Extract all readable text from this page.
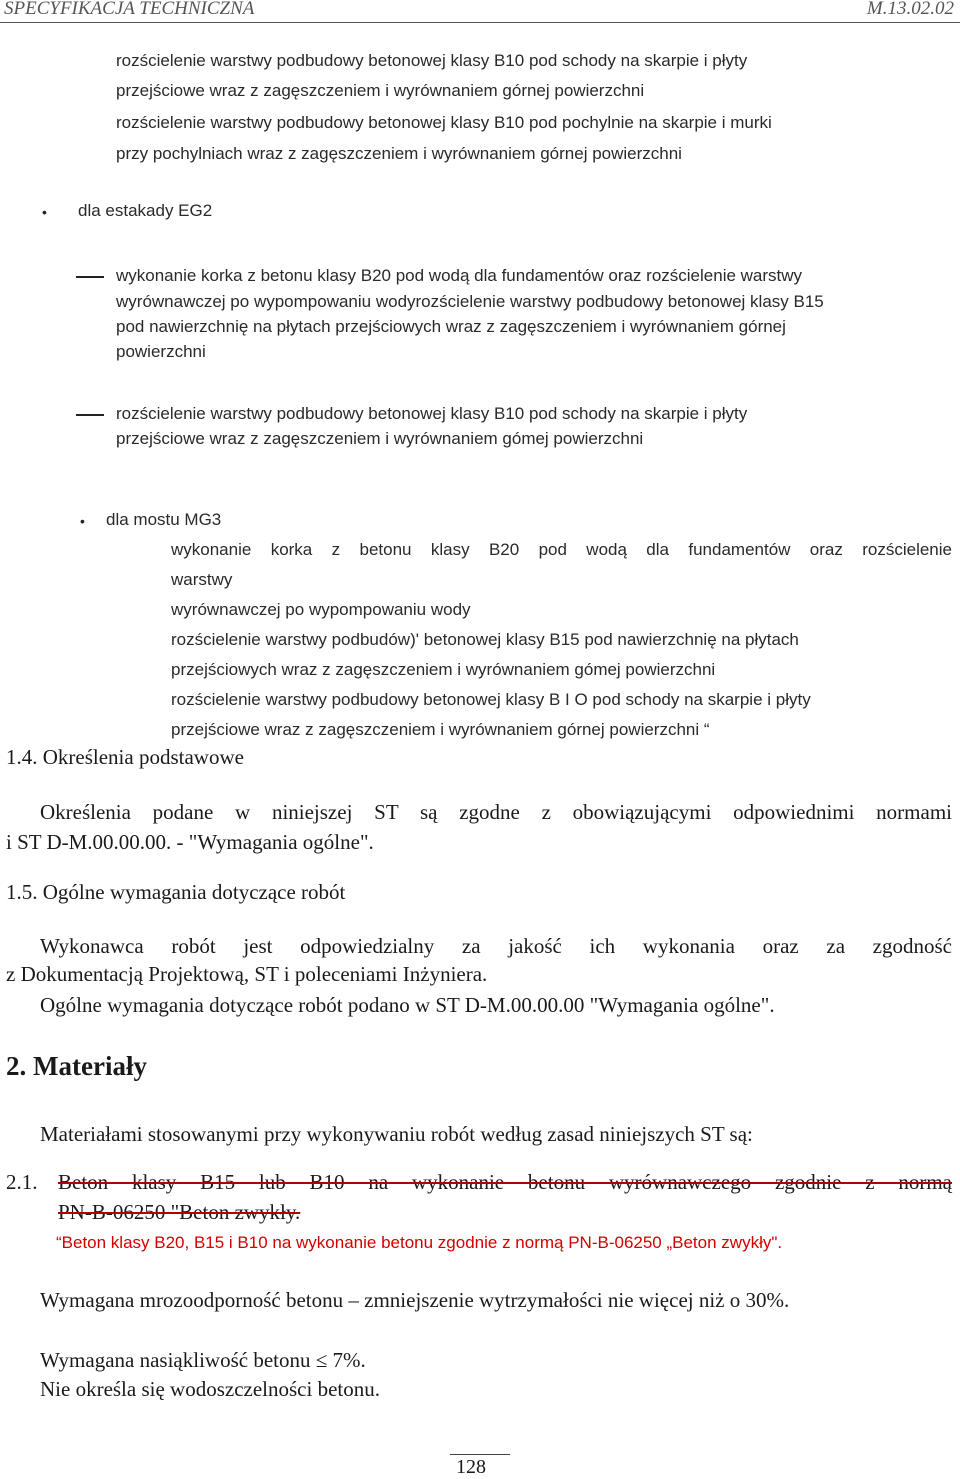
SPECYFIKACJA TECHNICZNA	M.13.02.02
rozścielenie warstwy podbudowy betonowej klasy B10 pod schody na skarpie i płyty
przejściowe wraz z zagęszczeniem i wyrównaniem górnej powierzchni
rozścielenie warstwy podbudowy betonowej klasy B10 pod pochylnie na skarpie i murki
przy pochylniach wraz z zagęszczeniem i wyrównaniem górnej powierzchni
• dla estakady EG2
wykonanie korka z betonu klasy B20 pod wodą dla fundamentów oraz rozścielenie warstwy
wyrównawczej po wypompowaniu wodyrozścielenie warstwy podbudowy betonowej klasy B15
pod nawierzchnię na płytach przejściowych wraz z zagęszczeniem i wyrównaniem górnej
powierzchni
rozścielenie warstwy podbudowy betonowej klasy B10 pod schody na skarpie i płyty
przejściowe wraz z zagęszczeniem i wyrównaniem gómej powierzchni
• dla mostu MG3
wykonanie korka z betonu klasy B20 pod wodą dla fundamentów oraz rozścielenie
warstwy
wyrównawczej po wypompowaniu wody
rozścielenie warstwy podbudów)' betonowej klasy B15 pod nawierzchnię na płytach
przejściowych wraz z zagęszczeniem i wyrównaniem gómej powierzchni
rozścielenie warstwy podbudowy betonowej klasy B I O pod schody na skarpie i płyty
przejściowe wraz z zagęszczeniem i wyrównaniem górnej powierzchni “
1.4. Określenia podstawowe
Określenia podane w niniejszej ST są zgodne z obowiązującymi odpowiednimi normami
i ST D-M.00.00.00. - "Wymagania ogólne".
1.5. Ogólne wymagania dotyczące robót
Wykonawca robót jest odpowiedzialny za jakość ich wykonania oraz za zgodność
z Dokumentacją Projektową, ST i poleceniami Inżyniera.
Ogólne wymagania dotyczące robót podano w ST D-M.00.00.00 "Wymagania ogólne".
2. Materiały
Materiałami stosowanymi przy wykonywaniu robót według zasad niniejszych ST są:
2.1. Beton klasy B15 lub B10 na wykonanie betonu wyrównawczego zgodnie z normą
PN-B-06250 "Beton zwykły.
“Beton klasy B20, B15 i B10 na wykonanie betonu zgodnie z normą PN-B-06250 „Beton zwykły".
Wymagana mrozoodporność betonu – zmniejszenie wytrzymałości nie więcej niż o 30%.
Wymagana nasiąkliwość betonu ≤ 7%.
Nie określa się wodoszczelności betonu.
128
